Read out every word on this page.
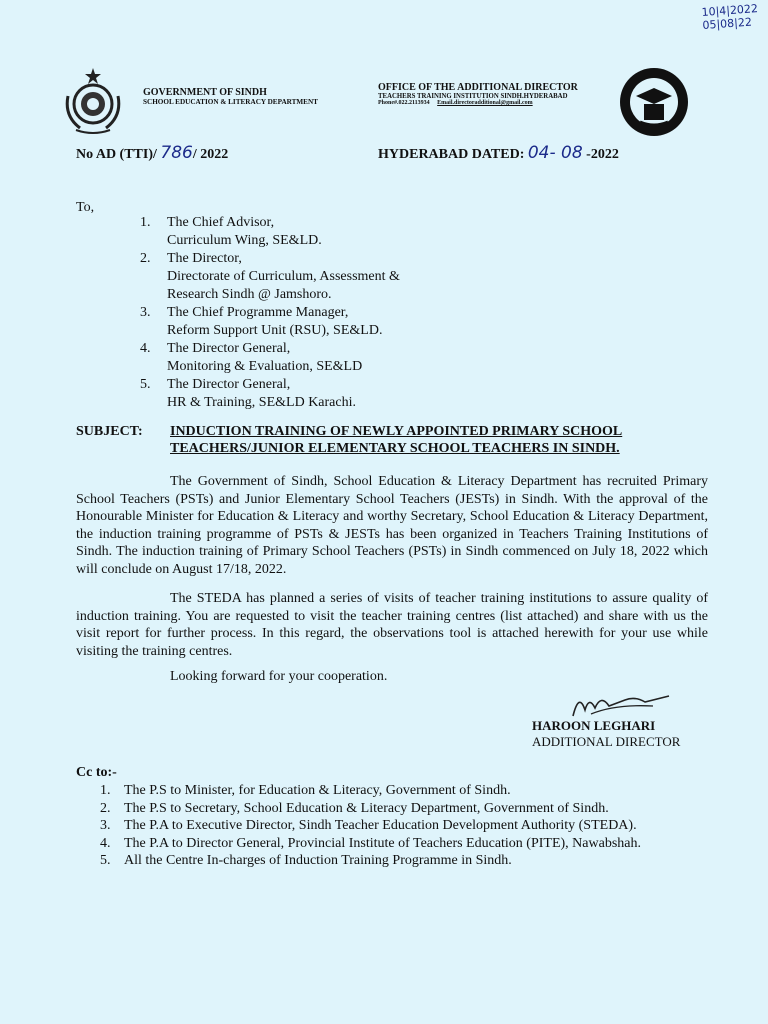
10|4|2022
05|08|22
GOVERNMENT OF SINDH
SCHOOL EDUCATION & LITERACY DEPARTMENT
OFFICE OF THE ADDITIONAL DIRECTOR
TEACHERS TRAINING INSTITUTION SINDH.HYDERABAD
Phone#.022.2113934 Email.directoradditional@gmail.com
No AD (TTI)/ 786/ 2022	HYDERABAD DATED: 04- 08 -2022
To,
1.	The Chief Advisor,
Curriculum Wing, SE&LD.
2.	The Director,
Directorate of Curriculum, Assessment &
Research Sindh @ Jamshoro.
3.	The Chief Programme Manager,
Reform Support Unit (RSU), SE&LD.
4.	The Director General,
Monitoring & Evaluation, SE&LD
5.	The Director General,
HR & Training, SE&LD Karachi.
SUBJECT:	INDUCTION TRAINING OF NEWLY APPOINTED PRIMARY SCHOOL TEACHERS/JUNIOR ELEMENTARY SCHOOL TEACHERS IN SINDH.
The Government of Sindh, School Education & Literacy Department has recruited Primary School Teachers (PSTs) and Junior Elementary School Teachers (JESTs) in Sindh. With the approval of the Honourable Minister for Education & Literacy and worthy Secretary, School Education & Literacy Department, the induction training programme of PSTs & JESTs has been organized in Teachers Training Institutions of Sindh. The induction training of Primary School Teachers (PSTs) in Sindh commenced on July 18, 2022 which will conclude on August 17/18, 2022.
The STEDA has planned a series of visits of teacher training institutions to assure quality of induction training. You are requested to visit the teacher training centres (list attached) and share with us the visit report for further process. In this regard, the observations tool is attached herewith for your use while visiting the training centres.
Looking forward for your cooperation.
HAROON LEGHARI
ADDITIONAL DIRECTOR
Cc to:-
1. The P.S to Minister, for Education & Literacy, Government of Sindh.
2. The P.S to Secretary, School Education & Literacy Department, Government of Sindh.
3. The P.A to Executive Director, Sindh Teacher Education Development Authority (STEDA).
4. The P.A to Director General, Provincial Institute of Teachers Education (PITE), Nawabshah.
5. All the Centre In-charges of Induction Training Programme in Sindh.
